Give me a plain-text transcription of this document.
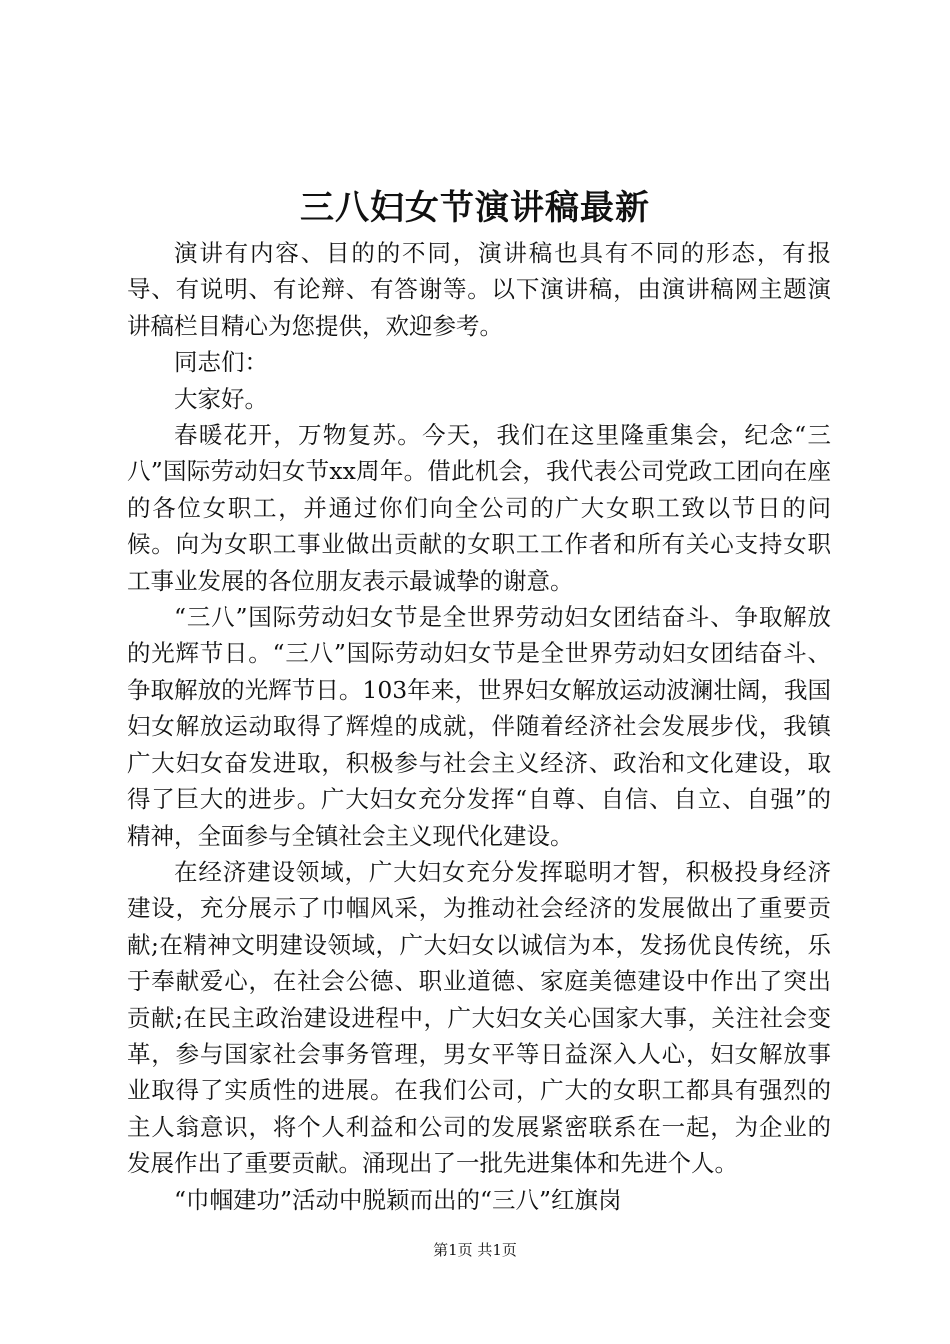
三八妇女节演讲稿最新

演讲有内容、目的的不同，演讲稿也具有不同的形态，有报导、有说明、有论辩、有答谢等。以下演讲稿，由演讲稿网主题演讲稿栏目精心为您提供，欢迎参考。

同志们：

大家好。

春暖花开，万物复苏。今天，我们在这里隆重集会，纪念“三八”国际劳动妇女节xx周年。借此机会，我代表公司党政工团向在座的各位女职工，并通过你们向全公司的广大女职工致以节日的问候。向为女职工事业做出贡献的女职工工作者和所有关心支持女职工事业发展的各位朋友表示最诚挚的谢意。

“三八”国际劳动妇女节是全世界劳动妇女团结奋斗、争取解放的光辉节日。“三八”国际劳动妇女节是全世界劳动妇女团结奋斗、争取解放的光辉节日。103年来，世界妇女解放运动波澜壮阔，我国妇女解放运动取得了辉煌的成就，伴随着经济社会发展步伐，我镇广大妇女奋发进取，积极参与社会主义经济、政治和文化建设，取得了巨大的进步。广大妇女充分发挥“自尊、自信、自立、自强”的精神，全面参与全镇社会主义现代化建设。

在经济建设领域，广大妇女充分发挥聪明才智，积极投身经济建设，充分展示了巾帼风采，为推动社会经济的发展做出了重要贡献;在精神文明建设领域，广大妇女以诚信为本，发扬优良传统，乐于奉献爱心，在社会公德、职业道德、家庭美德建设中作出了突出贡献;在民主政治建设进程中，广大妇女关心国家大事，关注社会变革，参与国家社会事务管理，男女平等日益深入人心，妇女解放事业取得了实质性的进展。在我们公司，广大的女职工都具有强烈的主人翁意识，将个人利益和公司的发展紧密联系在一起，为企业的发展作出了重要贡献。涌现出了一批先进集体和先进个人。

“巾帼建功”活动中脱颖而出的“三八”红旗岗

第1页 共1页
